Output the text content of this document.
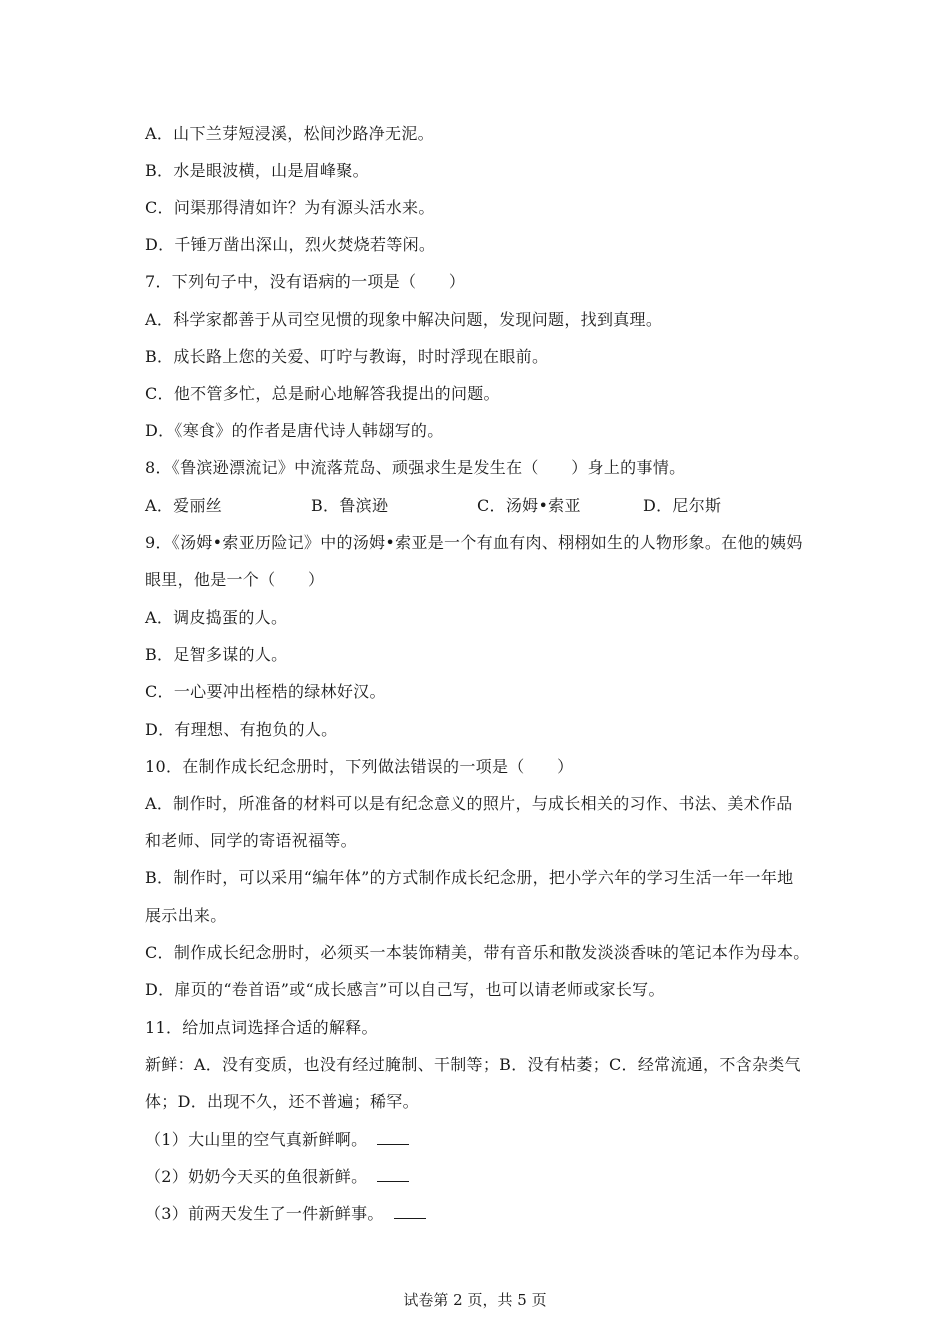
A．山下兰芽短浸溪，松间沙路净无泥。
B．水是眼波横，山是眉峰聚。
C．问渠那得清如许？为有源头活水来。
D．千锤万凿出深山，烈火焚烧若等闲。
7．下列句子中，没有语病的一项是（　　）
A．科学家都善于从司空见惯的现象中解决问题，发现问题，找到真理。
B．成长路上您的关爱、叮咛与教诲，时时浮现在眼前。
C．他不管多忙，总是耐心地解答我提出的问题。
D．《寒食》的作者是唐代诗人韩翃写的。
8．《鲁滨逊漂流记》中流落荒岛、顽强求生是发生在（　　）身上的事情。
A．爱丽丝	B．鲁滨逊	C．汤姆•索亚	D．尼尔斯
9．《汤姆•索亚历险记》中的汤姆•索亚是一个有血有肉、栩栩如生的人物形象。在他的姨妈
眼里，他是一个（　　）
A．调皮捣蛋的人。
B．足智多谋的人。
C．一心要冲出桎梏的绿林好汉。
D．有理想、有抱负的人。
10．在制作成长纪念册时，下列做法错误的一项是（　　）
A．制作时，所准备的材料可以是有纪念意义的照片，与成长相关的习作、书法、美术作品
和老师、同学的寄语祝福等。
B．制作时，可以采用“编年体”的方式制作成长纪念册，把小学六年的学习生活一年一年地
展示出来。
C．制作成长纪念册时，必须买一本装饰精美，带有音乐和散发淡淡香味的笔记本作为母本。
D．扉页的“卷首语”或“成长感言”可以自己写，也可以请老师或家长写。
11．给加点词选择合适的解释。
新鲜：A．没有变质，也没有经过腌制、干制等；B．没有枯萎；C．经常流通，不含杂类气
体；D．出现不久，还不普遍；稀罕。
（1）大山里的空气真新鲜啊。
（2）奶奶今天买的鱼很新鲜。
（3）前两天发生了一件新鲜事。
试卷第 2 页，共 5 页
